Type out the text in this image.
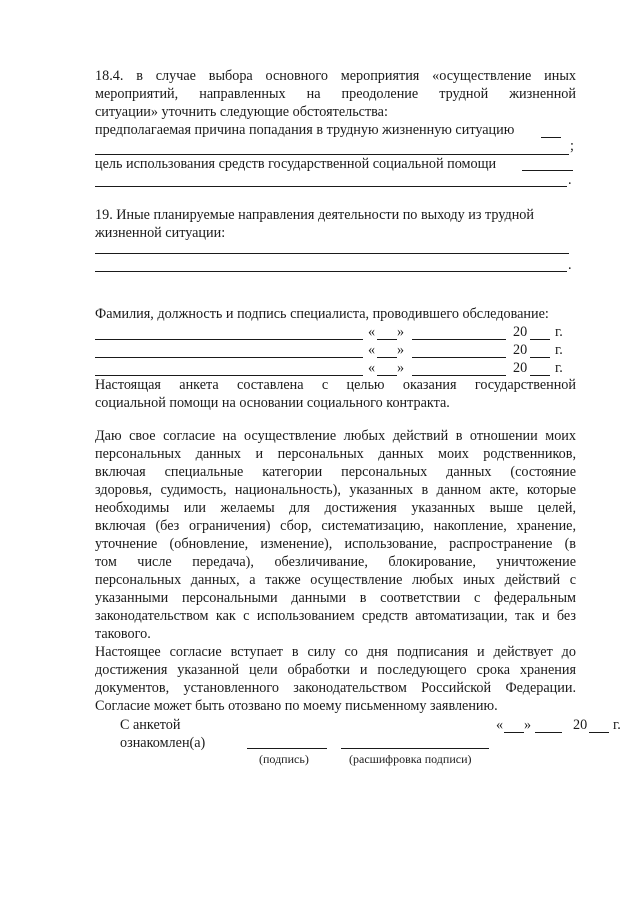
18.4. в случае выбора основного мероприятия «осуществление иных
мероприятий, направленных на преодоление трудной жизненной
ситуации» уточнить следующие обстоятельства:
предполагаемая причина попадания в трудную жизненную ситуацию
;
цель использования средств государственной социальной помощи
.
19. Иные планируемые направления деятельности по выходу из трудной
жизненной ситуации:
.
Фамилия, должность и подпись специалиста, проводившего обследование:
« »	20 г.
« »	20 г.
« »	20 г.
Настоящая анкета составлена с целью оказания государственной
социальной помощи на основании социального контракта.
Даю свое согласие на осуществление любых действий в отношении моих
персональных данных и персональных данных моих родственников,
включая специальные категории персональных данных (состояние
здоровья, судимость, национальность), указанных в данном акте, которые
необходимы или желаемы для достижения указанных выше целей,
включая (без ограничения) сбор, систематизацию, накопление, хранение,
уточнение (обновление, изменение), использование, распространение (в
том числе передача), обезличивание, блокирование, уничтожение
персональных данных, а также осуществление любых иных действий с
указанными персональными данными в соответствии с федеральным
законодательством как с использованием средств автоматизации, так и без
такового.
Настоящее согласие вступает в силу со дня подписания и действует до
достижения указанной цели обработки и последующего срока хранения
документов, установленного законодательством Российской Федерации.
Согласие может быть отозвано по моему письменному заявлению.
С анкетой
ознакомлен(а)
« »	20 г.
(подпись)	(расшифровка подписи)
